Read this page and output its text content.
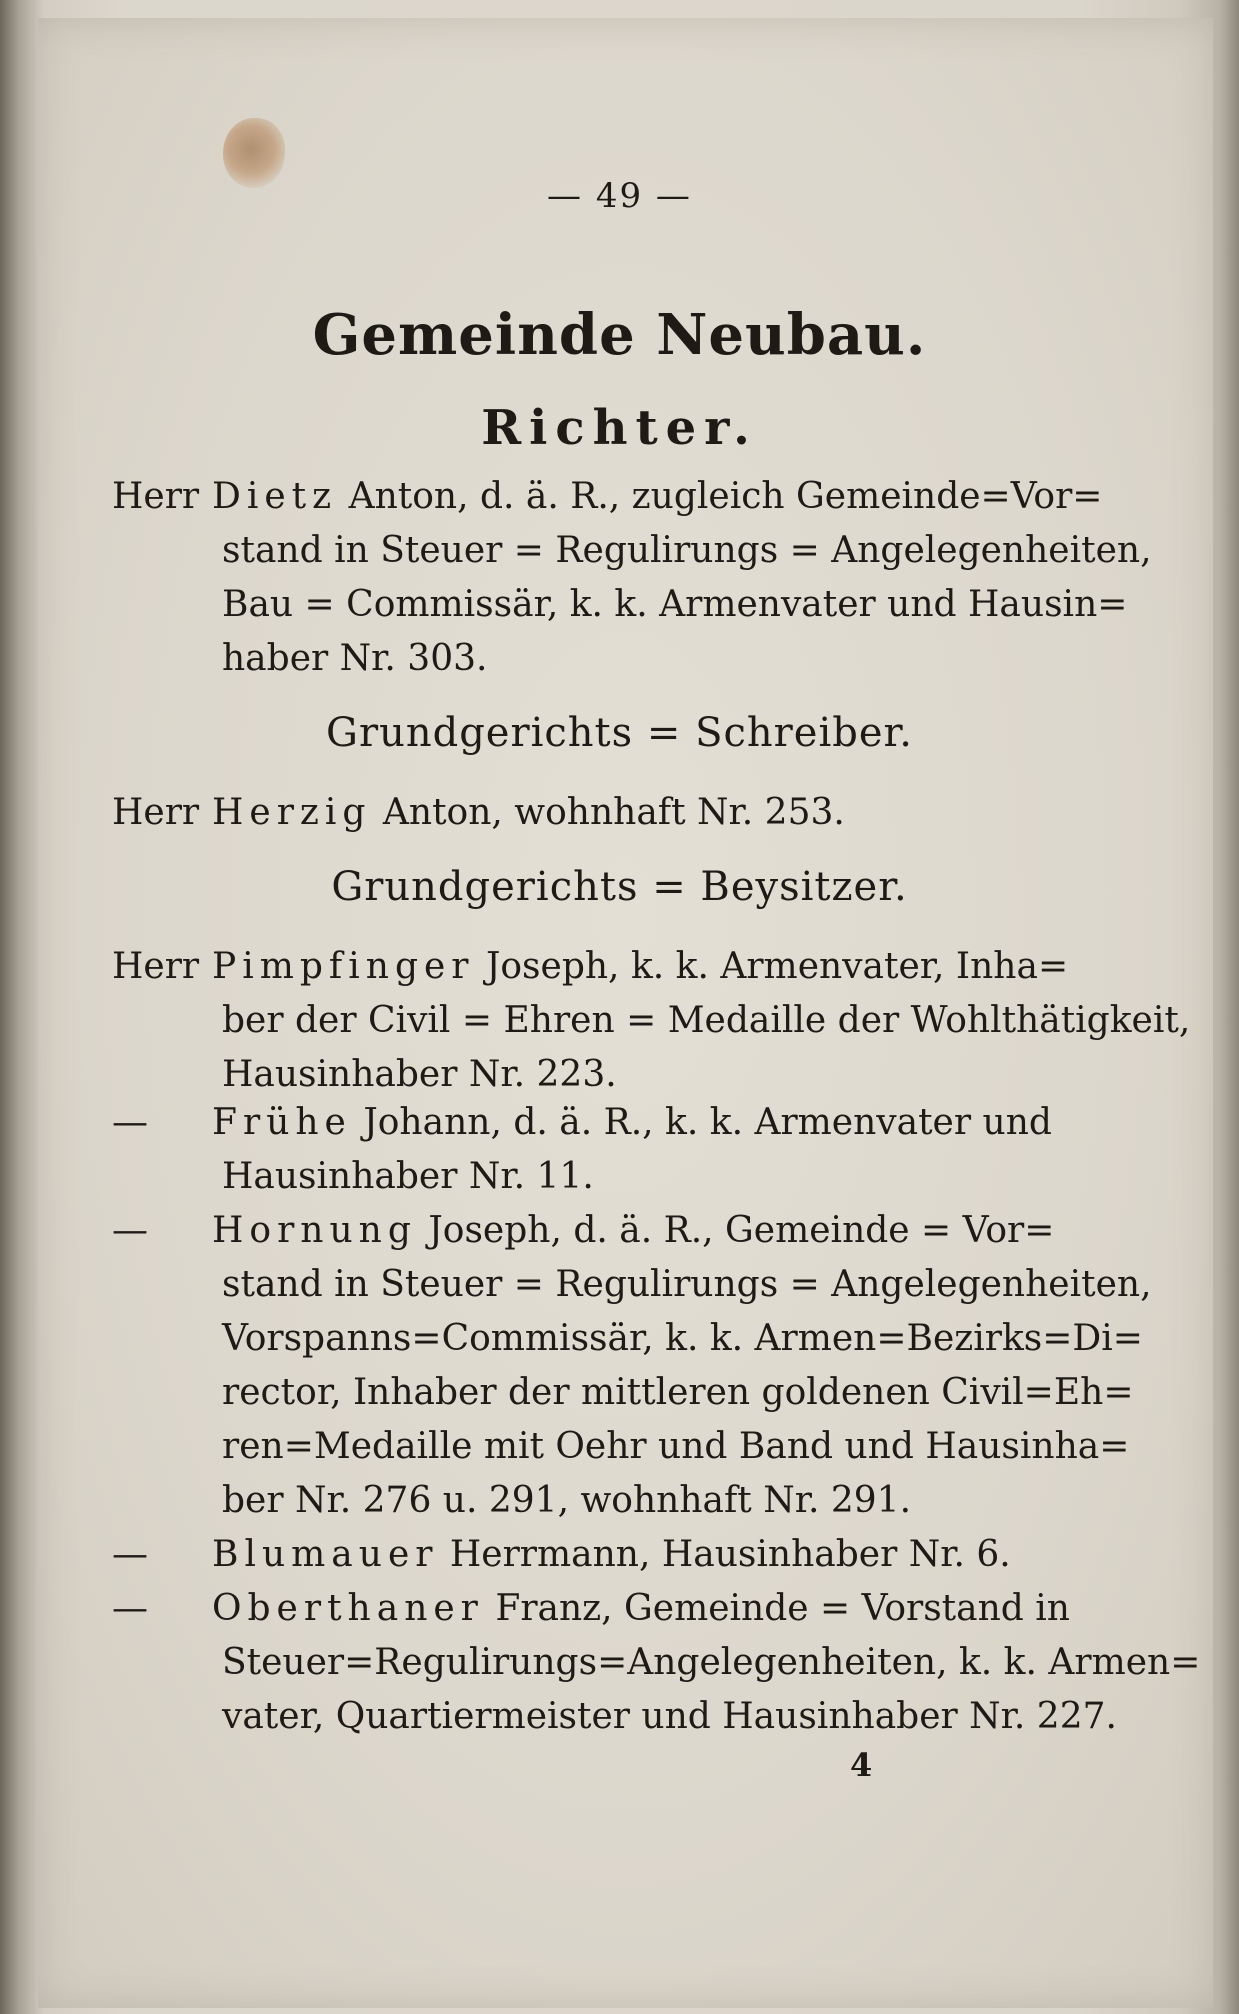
— 49 —
Gemeinde Neubau.
Richter.
Herr Dietz Anton, d. ä. R., zugleich Gemeinde=Vor=
stand in Steuer = Regulirungs = Angelegenheiten,
Bau = Commissär, k. k. Armenvater und Hausin=
haber Nr. 303.
Grundgerichts = Schreiber.
Herr Herzig Anton, wohnhaft Nr. 253.
Grundgerichts = Beysitzer.
Herr Pimpfinger Joseph, k. k. Armenvater, Inha=
ber der Civil = Ehren = Medaille der Wohlthätigkeit,
Hausinhaber Nr. 223.
— Frühe Johann, d. ä. R., k. k. Armenvater und
Hausinhaber Nr. 11.
— Hornung Joseph, d. ä. R., Gemeinde = Vor=
stand in Steuer = Regulirungs = Angelegenheiten,
Vorspanns=Commissär, k. k. Armen=Bezirks=Di=
rector, Inhaber der mittleren goldenen Civil=Eh=
ren=Medaille mit Oehr und Band und Hausinha=
ber Nr. 276 u. 291, wohnhaft Nr. 291.
— Blumauer Herrmann, Hausinhaber Nr. 6.
— Oberthaner Franz, Gemeinde = Vorstand in
Steuer=Regulirungs=Angelegenheiten, k. k. Armen=
vater, Quartiermeister und Hausinhaber Nr. 227.
4
